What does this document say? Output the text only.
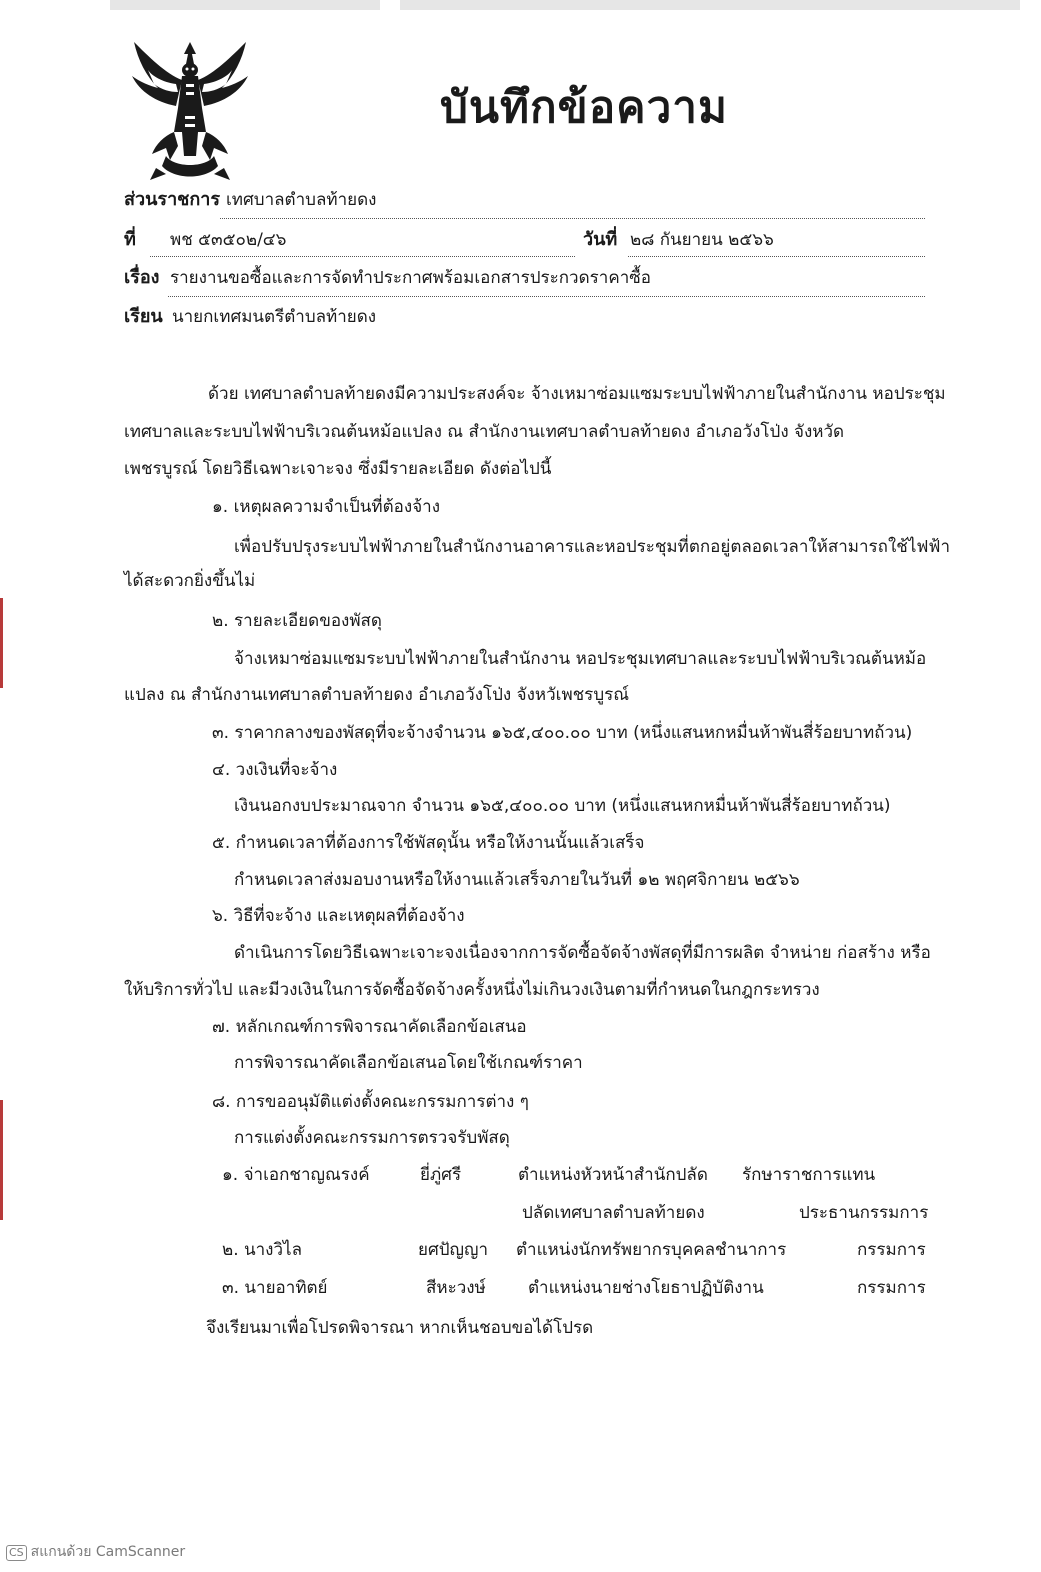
บันทึกข้อความ
ส่วนราชการ เทศบาลตำบลท้ายดง
ที่ พช ๕๓๕๐๒/๔๖	วันที่ ๒๘ กันยายน ๒๕๖๖
เรื่อง รายงานขอซื้อและการจัดทำประกาศพร้อมเอกสารประกวดราคาซื้อ
เรียน นายกเทศมนตรีตำบลท้ายดง
ด้วย เทศบาลตำบลท้ายดงมีความประสงค์จะ จ้างเหมาซ่อมแซมระบบไฟฟ้าภายในสำนักงาน หอประชุม
เทศบาลและระบบไฟฟ้าบริเวณต้นหม้อแปลง ณ สำนักงานเทศบาลตำบลท้ายดง อำเภอวังโป่ง จังหวัด
เพชรบูรณ์ โดยวิธีเฉพาะเจาะจง ซึ่งมีรายละเอียด ดังต่อไปนี้
๑. เหตุผลความจำเป็นที่ต้องจ้าง
เพื่อปรับปรุงระบบไฟฟ้าภายในสำนักงานอาคารและหอประชุมที่ตกอยู่ตลอดเวลาให้สามารถใช้ไฟฟ้า
ได้สะดวกยิ่งขึ้นไม่
๒. รายละเอียดของพัสดุ
จ้างเหมาซ่อมแซมระบบไฟฟ้าภายในสำนักงาน หอประชุมเทศบาลและระบบไฟฟ้าบริเวณต้นหม้อ
แปลง ณ สำนักงานเทศบาลตำบลท้ายดง อำเภอวังโป่ง จังหวัเพชรบูรณ์
๓. ราคากลางของพัสดุที่จะจ้างจำนวน ๑๖๕,๔๐๐.๐๐ บาท (หนึ่งแสนหกหมื่นห้าพันสี่ร้อยบาทถ้วน)
๔. วงเงินที่จะจ้าง
เงินนอกงบประมาณจาก จำนวน ๑๖๕,๔๐๐.๐๐ บาท (หนึ่งแสนหกหมื่นห้าพันสี่ร้อยบาทถ้วน)
๕. กำหนดเวลาที่ต้องการใช้พัสดุนั้น หรือให้งานนั้นแล้วเสร็จ
กำหนดเวลาส่งมอบงานหรือให้งานแล้วเสร็จภายในวันที่ ๑๒ พฤศจิกายน ๒๕๖๖
๖. วิธีที่จะจ้าง และเหตุผลที่ต้องจ้าง
ดำเนินการโดยวิธีเฉพาะเจาะจงเนื่องจากการจัดซื้อจัดจ้างพัสดุที่มีการผลิต จำหน่าย ก่อสร้าง หรือ
ให้บริการทั่วไป และมีวงเงินในการจัดซื้อจัดจ้างครั้งหนึ่งไม่เกินวงเงินตามที่กำหนดในกฎกระทรวง
๗. หลักเกณฑ์การพิจารณาคัดเลือกข้อเสนอ
การพิจารณาคัดเลือกข้อเสนอโดยใช้เกณฑ์ราคา
๘. การขออนุมัติแต่งตั้งคณะกรรมการต่าง ๆ
การแต่งตั้งคณะกรรมการตรวจรับพัสดุ
๑. จ่าเอกชาญณรงค์	ยี่ภู่ศรี	ตำแหน่งหัวหน้าสำนักปลัด รักษาราชการแทน
ปลัดเทศบาลตำบลท้ายดง	ประธานกรรมการ
๒. นางวิไล	ยศปัญญา ตำแหน่งนักทรัพยากรบุคคลชำนาการ	กรรมการ
๓. นายอาทิตย์	สีหะวงษ์ ตำแหน่งนายช่างโยธาปฏิบัติงาน	กรรมการ
จึงเรียนมาเพื่อโปรดพิจารณา หากเห็นชอบขอได้โปรด
CS สแกนด้วย CamScanner
